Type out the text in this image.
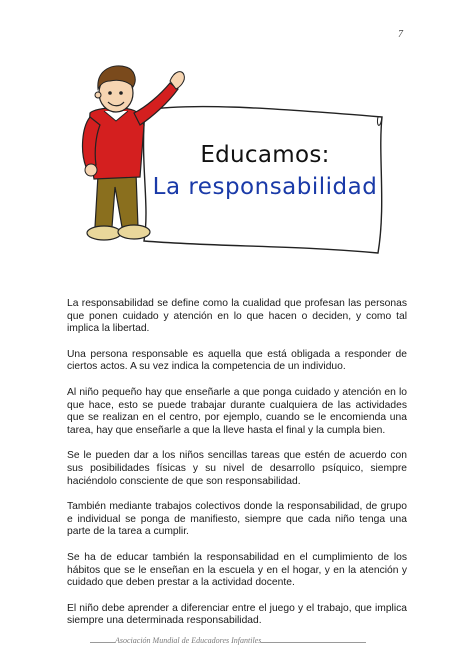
7
Educamos:
La responsabilidad

La responsabilidad se define como la cualidad que profesan las personas que ponen cuidado y atención en lo que hacen o deciden, y como tal implica la libertad.

Una persona responsable es aquella que está obligada a responder de ciertos actos. A su vez indica la competencia de un individuo.

Al niño pequeño hay que enseñarle a que ponga cuidado y atención en lo que hace, esto se puede trabajar durante cualquiera de las actividades que se realizan en el centro, por ejemplo, cuando se le encomienda una tarea, hay que enseñarle a que la lleve hasta el final y la cumpla bien.

Se le pueden dar a los niños sencillas tareas que estén de acuerdo con sus posibilidades físicas y su nivel de desarrollo psíquico, siempre haciéndolo consciente de que son responsabilidad.

También mediante trabajos colectivos donde la responsabilidad, de grupo e individual se ponga de manifiesto, siempre que cada niño tenga una parte de la tarea a cumplir.

Se ha de educar también la responsabilidad en el cumplimiento de los hábitos que se le enseñan en la escuela y en el hogar, y en la atención y cuidado que deben prestar a la actividad docente.

El niño debe aprender a diferenciar entre el juego y el trabajo, que implica siempre una determinada responsabilidad.

Asociación Mundial de Educadores Infantiles
